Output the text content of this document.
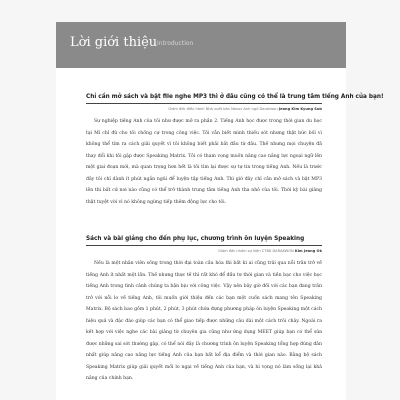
Lời giới thiệu Introduction
Chỉ cần mở sách và bật file nghe MP3 thì ở đâu cũng có thể là trung tâm tiếng Anh của bạn!
Giám đốc điều hành Nhà xuất bản Nexus Anh ngữ Darakwon Jeong Kim Kyung Sub

Sự nghiệp tiếng Anh của tôi như được mở ra phần 2. Tiếng Anh học được trong thời gian du học tại Mĩ chỉ đủ cho tôi chống cự trong công việc. Tôi vẫn biết mình thiếu sót nhưng thật bức bối vì không thể tìm ra cách giải quyết vì tôi không biết phải bắt đầu từ đâu. Thế nhưng mọi chuyện đã thay đổi khi tôi gặp được Speaking Matrix. Tôi có tham vọng muốn nâng cao năng lực ngoại ngữ lên một giai đoạn mới, mà quan trọng hơn hết là tôi tìm lại được sự tự tin trong tiếng Anh. Nếu là trước đây tôi chỉ dành ít phút ngắn ngủi để luyện tập tiếng Anh. Thì giờ đây chỉ cần mở sách và bật MP3 lên thì bất cứ nơi nào cũng có thể trở thành trung tâm tiếng Anh tha nhỏ của tôi. Thời kỳ bài giảng thật tuyệt vời vì nó không ngừng tiếp thêm động lực cho tôi.

Sách và bài giảng cho đến phụ lục, chương trình ôn luyện Speaking
Giám đốc nhóm sự kiện CTBK DARAKWON Kim Jeong Ok

Nếu là một nhân viên sống trong thời đại toàn cầu hóa thì bất kì ai cũng trải qua nỗi trăn trở về tiếng Anh ít nhất một lần. Thế nhưng thực tế thì rất khó để đầu tư thời gian và tiền bạc cho việc học tiếng Anh trong tình cảnh chúng ta bận bịu với công việc. Vậy nên bây giờ đối với các bạn đang trăn trở với nỗi lo về tiếng Anh, tôi muốn giới thiệu đến các bạn một cuốn sách mang tên Speaking Matrix. Bộ sách bao gồm 1 phút, 2 phút, 3 phút chứa đựng phương pháp ôn luyện Speaking một cách hiệu quả và đặc đáo giúp các bạn có thể giao tiếp được những câu dài một cách trôi chảy. Ngoài ra kết hợp với việc nghe các bài giảng từ chuyên gia cũng như ứng dụng MEET giúp bạn có thể sửa được những sai sót thường gặp, có thể nói đây là chương trình ôn luyện Speaking tổng hợp đúng đắn nhất giúp nâng cao năng lực tiếng Anh của bạn bất kể địa điểm và thời gian nào. Bằng bộ sách Speaking Matrix giúp giải quyết mối lo ngại về tiếng Anh của bạn, và hi vọng nó làm sống lại khả năng của chính bạn.
